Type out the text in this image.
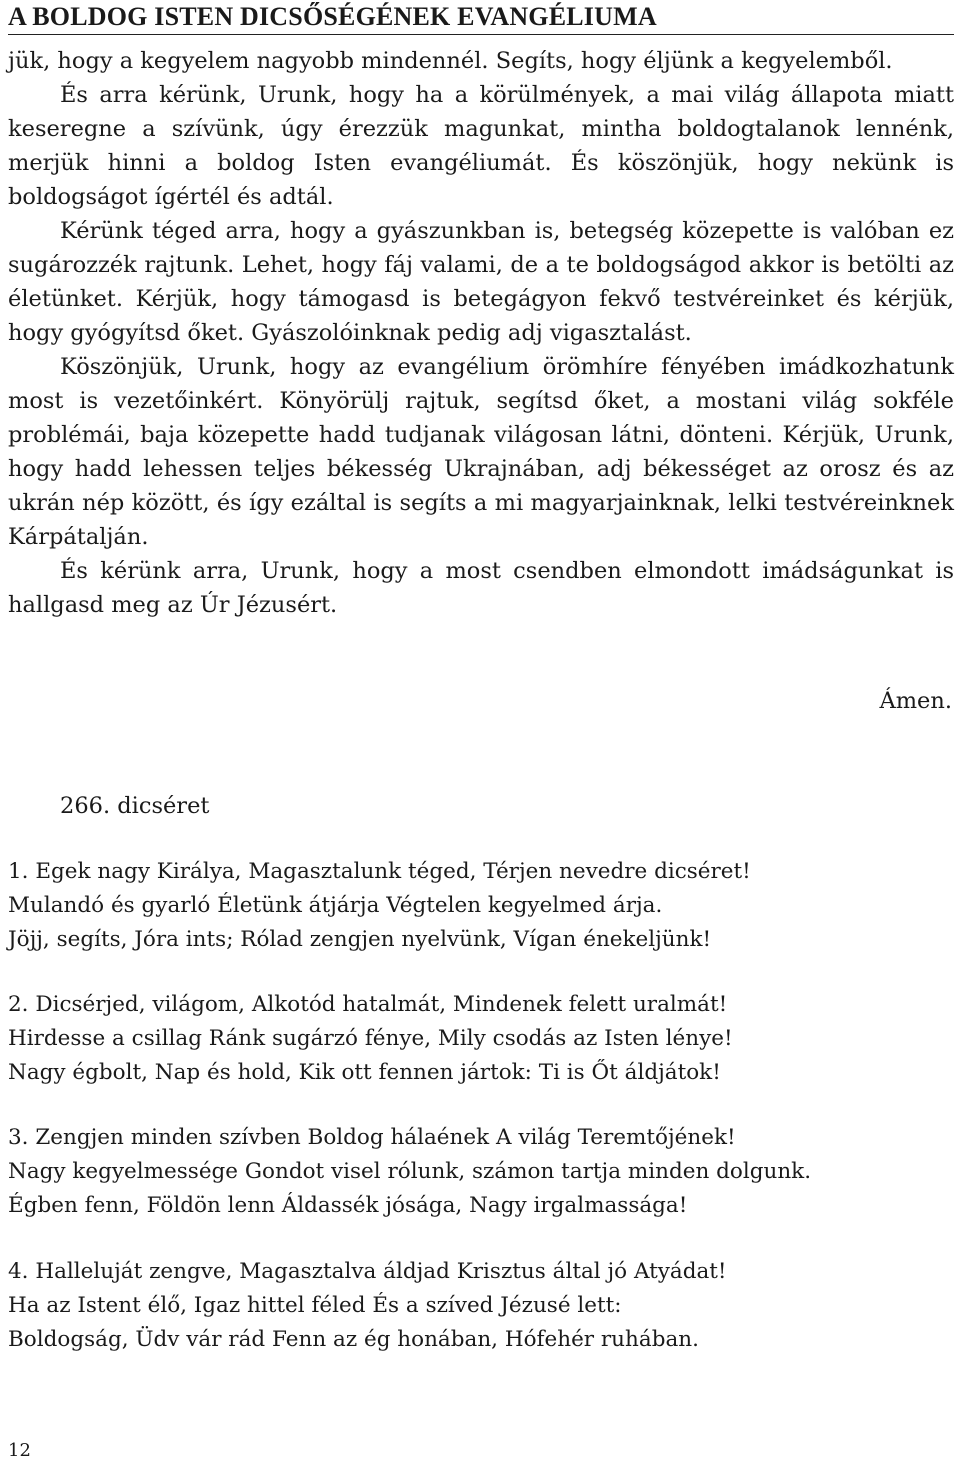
A BOLDOG ISTEN DICSŐSÉGÉNEK EVANGÉLIUMA

jük, hogy a kegyelem nagyobb mindennél. Segíts, hogy éljünk a kegyelemből.

És arra kérünk, Urunk, hogy ha a körülmények, a mai világ állapota miatt keseregne a szívünk, úgy érezzük magunkat, mintha boldogtalanok lennénk, merjük hinni a boldog Isten evangéliumát. És köszönjük, hogy nekünk is boldogságot ígértél és adtál.

Kérünk téged arra, hogy a gyászunkban is, betegség közepette is valóban ez sugározzék rajtunk. Lehet, hogy fáj valami, de a te boldogságod akkor is betölti az életünket. Kérjük, hogy támogasd is betegágyon fekvő testvéreinket és kérjük, hogy gyógyítsd őket. Gyászolóinknak pedig adj vigasztalást.

Köszönjük, Urunk, hogy az evangélium örömhíre fényében imádkozhatunk most is vezetőinkért. Könyörülj rajtuk, segítsd őket, a mostani világ sokféle problémái, baja közepette hadd tudjanak világosan látni, dönteni. Kérjük, Urunk, hogy hadd lehessen teljes békesség Ukrajnában, adj békességet az orosz és az ukrán nép között, és így ezáltal is segíts a mi magyarjainknak, lelki testvéreinknek Kárpátalján.

És kérünk arra, Urunk, hogy a most csendben elmondott imádságunkat is hallgasd meg az Úr Jézusért.

Ámen.
266. dicséret
1. Egek nagy Királya, Magasztalunk téged, Térjen nevedre dicséret!
Mulandó és gyarló Életünk átjárja Végtelen kegyelmed árja.
Jöjj, segíts, Jóra ints; Rólad zengjen nyelvünk, Vígan énekeljünk!
2. Dicsérjed, világom, Alkotód hatalmát, Mindenek felett uralmát!
Hirdesse a csillag Ránk sugárzó fénye, Mily csodás az Isten lénye!
Nagy égbolt, Nap és hold, Kik ott fennen jártok: Ti is Őt áldjátok!
3. Zengjen minden szívben Boldog hálaének A világ Teremtőjének!
Nagy kegyelmessége Gondot visel rólunk, számon tartja minden dolgunk.
Égben fenn, Földön lenn Áldassék jósága, Nagy irgalmassága!
4. Halleluját zengve, Magasztalva áldjad Krisztus által jó Atyádat!
Ha az Istent élő, Igaz hittel féled És a szíved Jézusé lett:
Boldogság, Üdv vár rád Fenn az ég honában, Hófehér ruhában.
12
